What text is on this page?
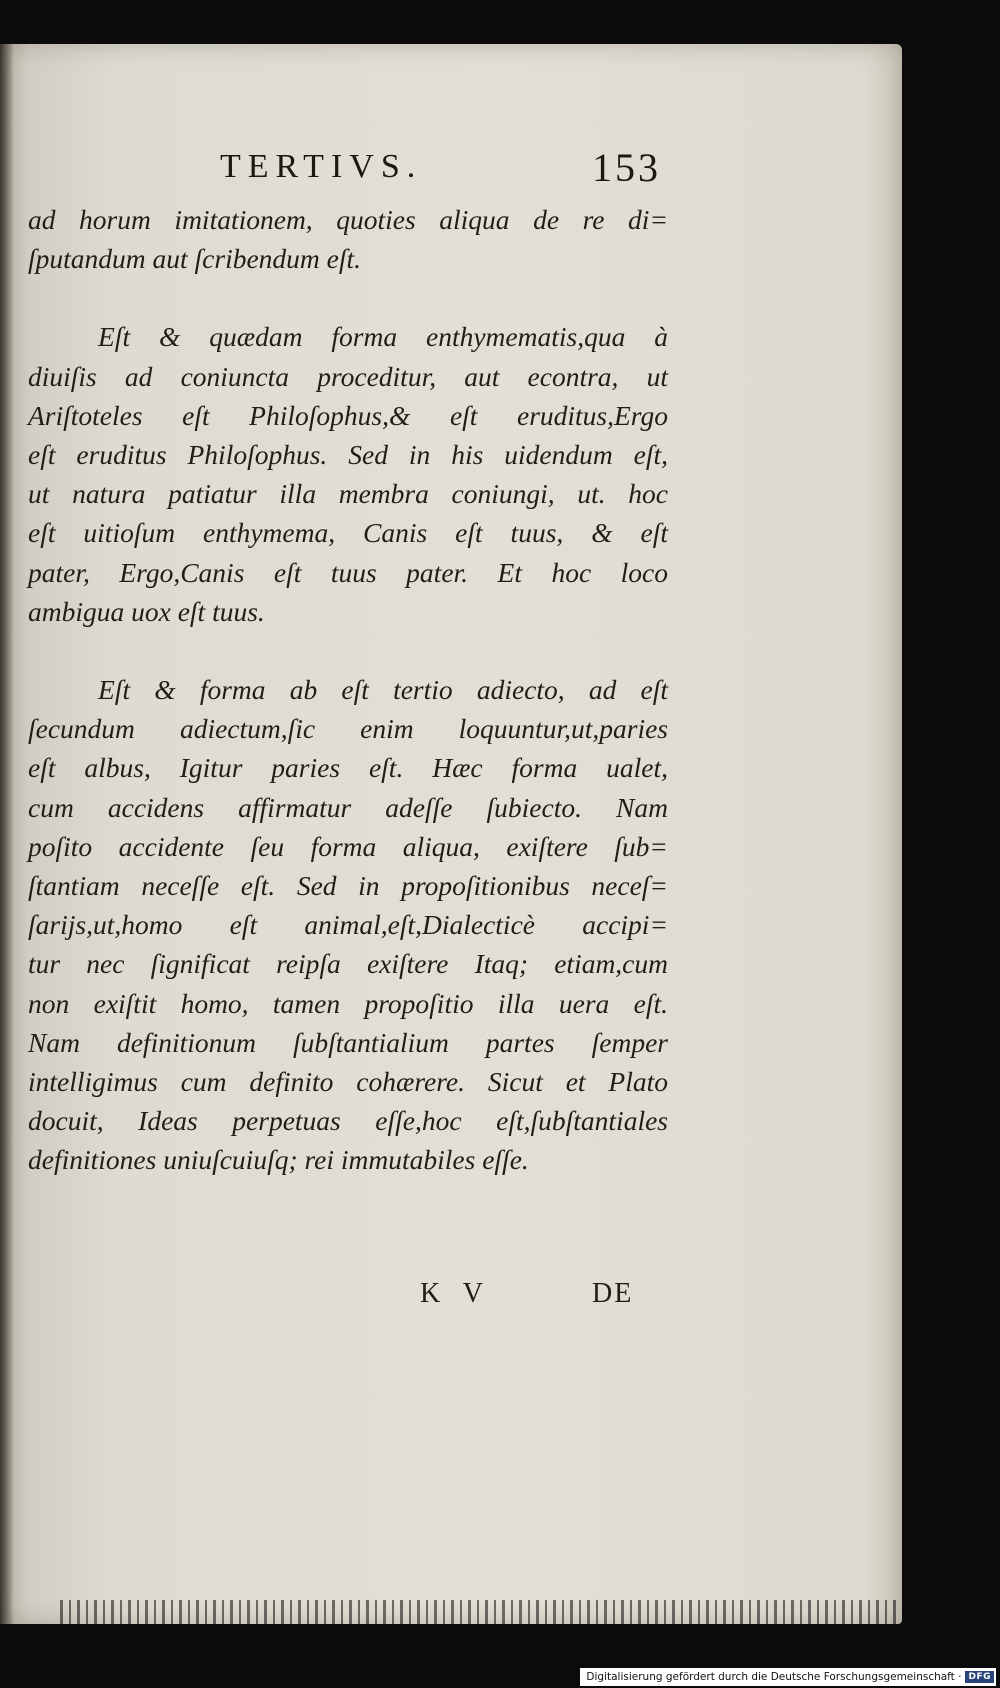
TERTIVS.	153
ad horum imitationem, quoties aliqua de re di=
ſputandum aut ſcribendum eſt.
Eſt & quædam forma enthymematis,qua à
diuiſis ad coniuncta proceditur, aut econtra, ut
Ariſtoteles eſt Philoſophus,& eſt eruditus,Ergo
eſt eruditus Philoſophus. Sed in his uidendum eſt,
ut natura patiatur illa membra coniungi, ut. hoc
eſt uitioſum enthymema, Canis eſt tuus, & eſt
pater, Ergo,Canis eſt tuus pater. Et hoc loco
ambigua uox eſt tuus.
Eſt & forma ab eſt tertio adiecto, ad eſt
ſecundum adiectum,ſic enim loquuntur,ut,paries
eſt albus, Igitur paries eſt. Hæc forma ualet,
cum accidens affirmatur adeſſe ſubiecto. Nam
poſito accidente ſeu forma aliqua, exiſtere ſub=
ſtantiam neceſſe eſt. Sed in propoſitionibus neceſ=
ſarijs,ut,homo eſt animal,eſt,Dialecticè accipi=
tur nec ſignificat reipſa exiſtere Itaq; etiam,cum
non exiſtit homo, tamen propoſitio illa uera eſt.
Nam definitionum ſubſtantialium partes ſemper
intelligimus cum definito cohærere. Sicut et Plato
docuit, Ideas perpetuas eſſe,hoc eſt,ſubſtantiales
definitiones uniuſcuiuſq; rei immutabiles eſſe.
K V	DE
Digitalisierung gefördert durch die Deutsche Forschungsgemeinschaft · DFG
